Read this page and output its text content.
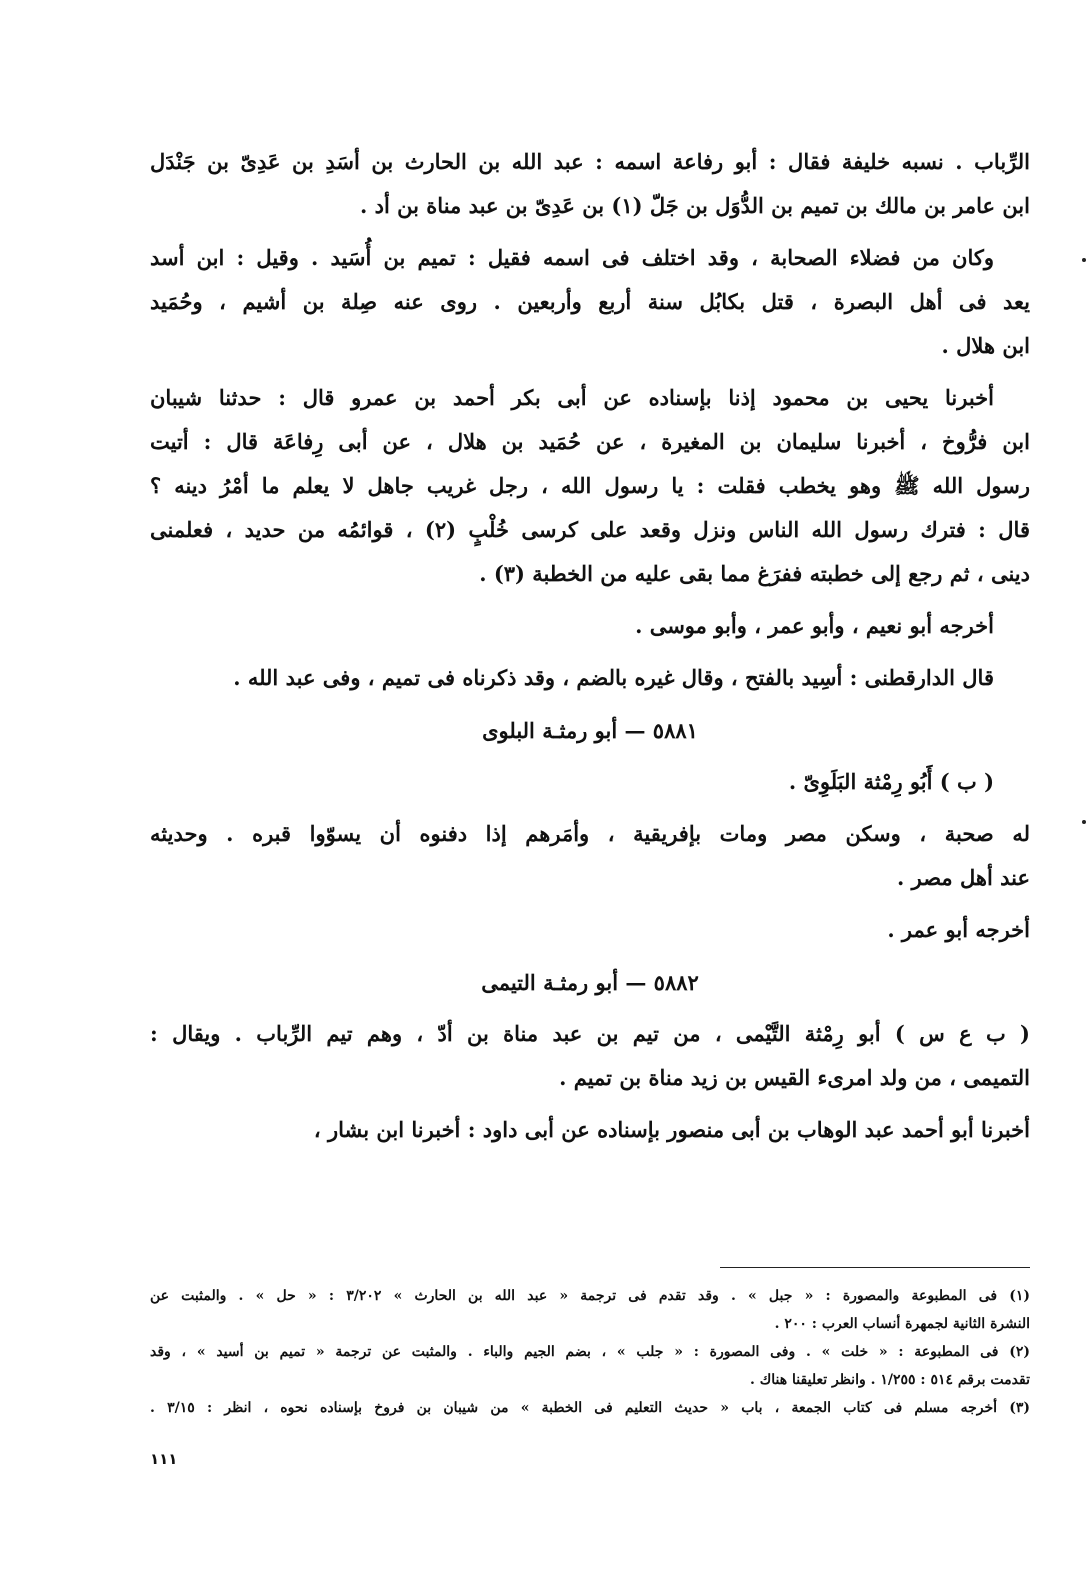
الرِّباب . نسبه خليفة فقال : أبو رفاعة اسمه : عبد الله بن الحارث بن أسَدِ بن عَدِىّ بن جَنْدَل
ابن عامر بن مالك بن تميم بن الدُّوَل بن جَلّ (١) بن عَدِىّ بن عبد مناة بن أد .
وكان من فضلاء الصحابة ، وقد اختلف فى اسمه فقيل : تميم بن أُسَيد . وقيل : ابن أسد
يعد فى أهل البصرة ، قتل بكابُل سنة أربع وأربعين . روى عنه صِلة بن أشيم ، وحُمَيد
ابن هلال .
أخبرنا يحيى بن محمود إذنا بإسناده عن أبى بكر أحمد بن عمرو قال : حدثنا شيبان
ابن فرُّوخ ، أخبرنا سليمان بن المغيرة ، عن حُمَيد بن هلال ، عن أبى رِفاعَة قال : أتيت
رسول الله ﷺ وهو يخطب فقلت : يا رسول الله ، رجل غريب جاهل لا يعلم ما أمْرُ دينه ؟
قال : فترك رسول الله الناس ونزل وقعد على كرسى خُلْبٍ (٢) ، قوائمُه من حديد ، فعلمنى
دينى ، ثم رجع إلى خطبته ففرَغ مما بقى عليه من الخطبة (٣) .
أخرجه أبو نعيم ، وأبو عمر ، وأبو موسى .
قال الدارقطنى : أسِيد بالفتح ، وقال غيره بالضم ، وقد ذكرناه فى تميم ، وفى عبد الله .
٥٨٨١ — أبو رمثـة البلوى
( ب ) أَبُو رِمْثة البَلَوِىّ .
له صحبة ، وسكن مصر ومات بإفريقية ، وأمَرهم إذا دفنوه أن يسوّوا قبره . وحديثه
عند أهل مصر .
أخرجه أبو عمر .
٥٨٨٢ — أبو رمثـة التيمى
( ب ع س ) أبو رِمْثة التَّيْمى ، من تيم بن عبد مناة بن أدّ ، وهم تيم الرِّباب . ويقال :
التميمى ، من ولد امرىء القيس بن زيد مناة بن تميم .
أخبرنا أبو أحمد عبد الوهاب بن أبى منصور بإسناده عن أبى داود : أخبرنا ابن بشار ،
(١) فى المطبوعة والمصورة : « جبل » . وقد تقدم فى ترجمة « عبد الله بن الحارث » ٣/٢٠٢ : « حل » . والمثبت عن
النشرة الثانية لجمهرة أنساب العرب : ٢٠٠ .
(٢) فى المطبوعة : « خلت » . وفى المصورة : « جلب » ، بضم الجيم والباء . والمثبت عن ترجمة « تميم بن أسيد » ، وقد
تقدمت برقم ٥١٤ : ١/٢٥٥ . وانظر تعليقنا هناك .
(٣) أخرجه مسلم فى كتاب الجمعة ، باب « حديث التعليم فى الخطبة » من شيبان بن فروخ بإسناده نحوه ، انظر : ٣/١٥ .
١١١
